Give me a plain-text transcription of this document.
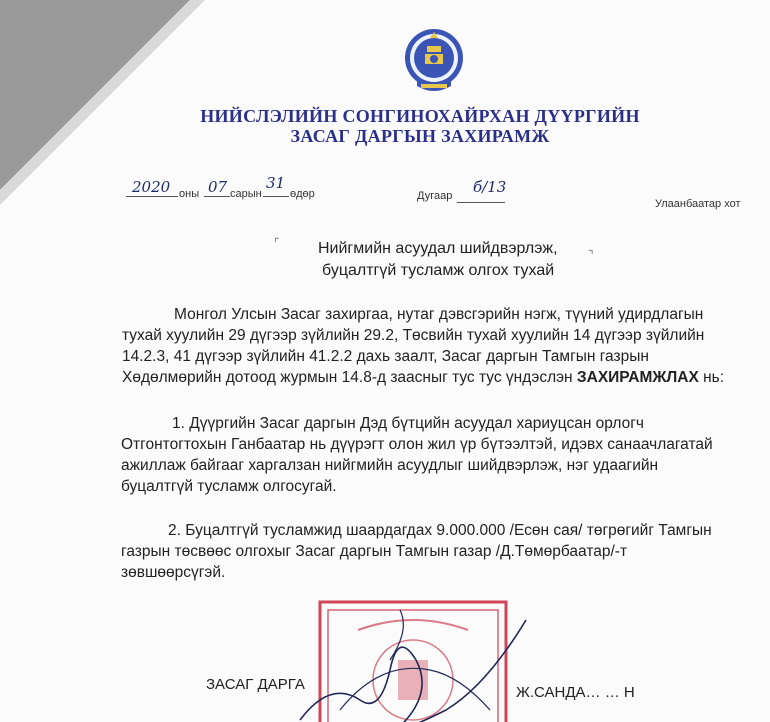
НИЙСЛЭЛИЙН СОНГИНОХАЙРХАН ДҮҮРГИЙН
ЗАСАГ ДАРГЫН ЗАХИРАМЖ
2020 оны 07 сарын
31
өдөр	Дугаар б/13
Улаанбаатар хот
⌜
⌝
Нийгмийн асуудал шийдвэрлэж,
буцалтгүй тусламж олгох тухай
Монгол Улсын Засаг захиргаа, нутаг дэвсгэрийн нэгж, түүний удирдлагын
тухай хуулийн 29 дүгээр зүйлийн 29.2, Төсвийн тухай хуулийн 14 дүгээр зүйлийн
14.2.3, 41 дүгээр зүйлийн 41.2.2 дахь заалт, Засаг даргын Тамгын газрын
Хөдөлмөрийн дотоод журмын 14.8-д заасныг тус тус үндэслэн ЗАХИРАМЖЛАХ нь:
1. Дүүргийн Засаг даргын Дэд бүтцийн асуудал хариуцсан орлогч
Отгонтогтохын Ганбаатар нь дүүрэгт олон жил үр бүтээлтэй, идэвх санаачлагатай
ажиллаж байгааг харгалзан нийгмийн асуудлыг шийдвэрлэж, нэг удаагийн
буцалтгүй тусламж олгосугай.
2. Буцалтгүй тусламжид шаардагдах 9.000.000 /Есөн сая/ төгрөгийг Тамгын
газрын төсвөөс олгохыг Засаг даргын Тамгын газар /Д.Төмөрбаатар/-т
зөвшөөрсүгэй.
ЗАСАГ ДАРГА	Ж.САНДА… … Н
